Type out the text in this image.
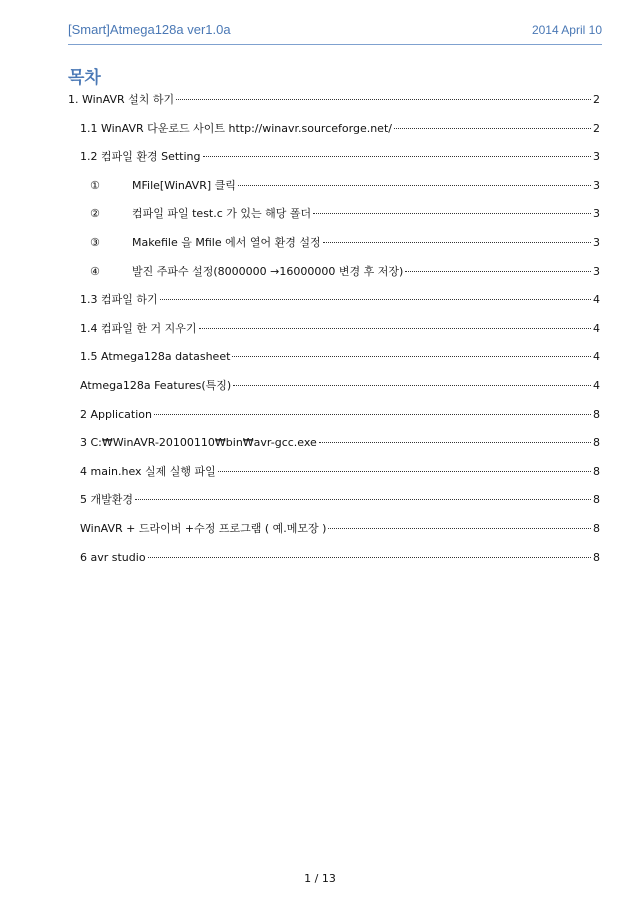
[Smart]Atmega128a ver1.0a	2014 April 10
목차
1. WinAVR 설치 하기	2
1.1 WinAVR 다운로드 사이트 http://winavr.sourceforge.net/	2
1.2 컴파일 환경 Setting	3
①	MFile[WinAVR] 클릭	3
②	컴파일 파일 test.c 가 있는 해당 폴더	3
③	Makefile 을 Mfile 에서 열어 환경 설정	3
④	발진 주파수 설정(8000000 →16000000 변경 후 저장)	3
1.3 컴파일 하기	4
1.4 컴파일 한 거 지우기	4
1.5 Atmega128a datasheet	4
Atmega128a Features(특징)	4
2 Application	8
3 C:₩WinAVR-20100110₩bin₩avr-gcc.exe	8
4 main.hex 실제 실행 파일	8
5 개발환경	8
WinAVR + 드라이버 +수정 프로그램 ( 예.메모장 )	8
6 avr studio	8
1 / 13
